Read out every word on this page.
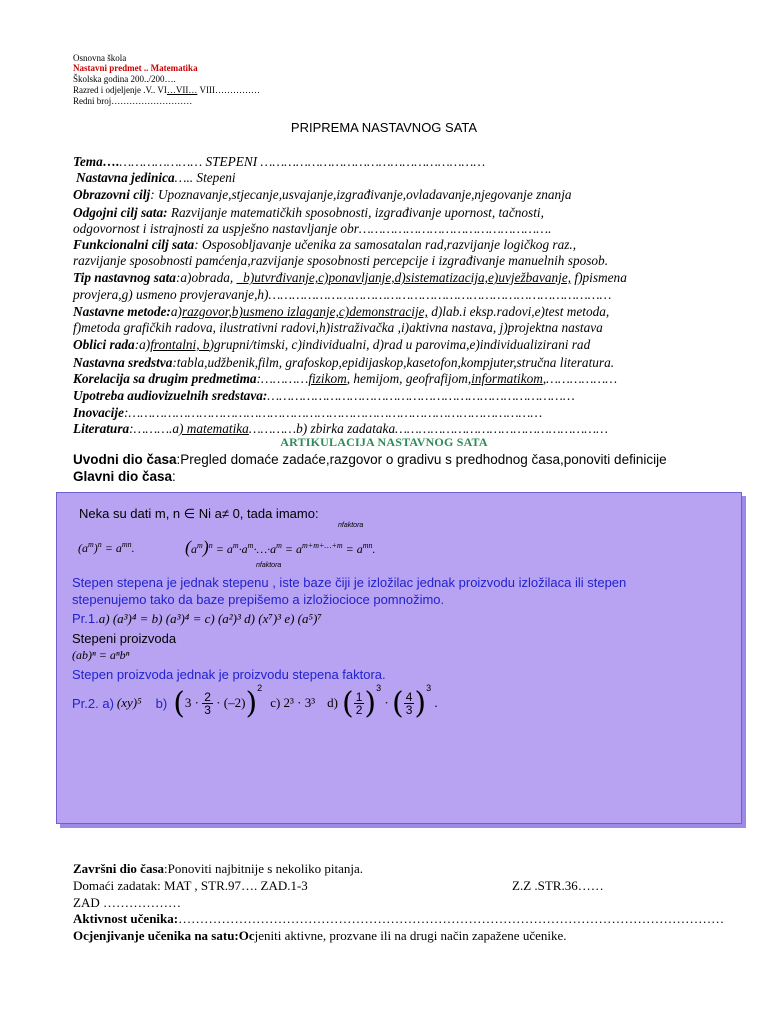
Osnovna škola
Nastavni predmet .. Matematika
Školska godina 200../200….
Razred i odjeljenje .V.. VI…VII… VIII……………
Redni broj………………………
PRIPREMA NASTAVNOG SATA
Tema….………………… STEPENI …………………………………………………
Nastavna jedinica….. Stepeni
Obrazovni cilj: Upoznavanje,stjecanje,usvajanje,izgrađivanje,ovladavanje,njegovanje znanja
Odgojni cilj sata: Razvijanje matematičkih sposobnosti, izgrađivanje upornost, tačnosti,
odgovornost i istrajnosti za uspješno nastavljanje obr………………………………………….
Funkcionalni cilj sata: Osposobljavanje učenika za samosatalan rad,razvijanje logičkog raz.,
razvijanje sposobnosti pamćenja,razvijanje sposobnosti percepcije i izgrađivanje manuelnih sposob.
Tip nastavnog sata:a)obrada, _b)utvrđivanje,c)ponavljanje,d)sistematizacija,e)uvježbavanje, f)pismena
provjera,g) usmeno provjeravanje,h)……………………………………………………………………………
Nastavne metode:a)razgovor,b)usmeno izlaganje,c)demonstracije, d)lab.i eksp.radovi,e)test metoda,
f)metoda grafičkih radova, ilustrativni radovi,h)istraživačka ,i)aktivna nastava, j)projektna nastava
Oblici rada:a)frontalni, b)grupni/timski, c)individualni, d)rad u parovima,e)individualizirani rad
Nastavna sredstva:tabla,udžbenik,film, grafoskop,epidijaskop,kasetofon,kompjuter,stručna literatura.
Korelacija sa drugim predmetima:…………fizikom, hemijom, geofrafijom,informatikom,………………
Upotreba audiovizuelnih sredstava:……………………………………………………………………
Inovacije:……………………………………………………………………………………………
Literatura:……….a) matematika…………b) zbirka zadataka………………………………………………
ARTIKULACIJA NASTAVNOG SATA
Uvodni dio časa:Pregled domaće zadaće,razgovor o gradivu s predhodnog časa,ponoviti definicije
Glavni dio časa:
Neka su dati m, n ∈ Ni a≠ 0, tada imamo:
$(a^m)^n = a^{mn}$.	$(a^m)^n$ = $a^m\cdot a^m\cdot\dots\cdot a^m = a^{m+m+\dots+m} = a^{mn}$.
nfaktora
nfaktora
Stepen stepena je jednak stepenu , iste baze čiji je izložilac jednak proizvodu izložilaca ili stepen
stepenujemo tako da baze prepišemo a izložiocioce pomnožimo.
Pr.1.a) (a³)⁴ = b) (a³)⁴ = c) (a²)³ d) (x⁷)³ e) (a⁵)⁷
Stepeni proizvoda
(ab)ⁿ = aⁿbⁿ
Stepen proizvoda jednak je proizvodu stepena faktora.
Pr.2. a) (xy)⁵ b) ( $3 \cdot \frac{2}{3} \cdot (-2)$ )$^2$
c) 2³ · 3³ d) ( $\frac{1}{2} )^3$
· ( $\frac{4}{3} )^3$
.
Završni dio časa:Ponoviti najbitnije s nekoliko pitanja.
Domaći zadatak: MAT , STR.97…. ZAD.1-3	Z.Z .STR.36……
ZAD ………………
Aktivnost učenika:………………………………………………………………………………………………………………
Ocjenjivanje učenika na satu:Ocjeniti aktivne, prozvane ili na drugi način zapažene učenike.
